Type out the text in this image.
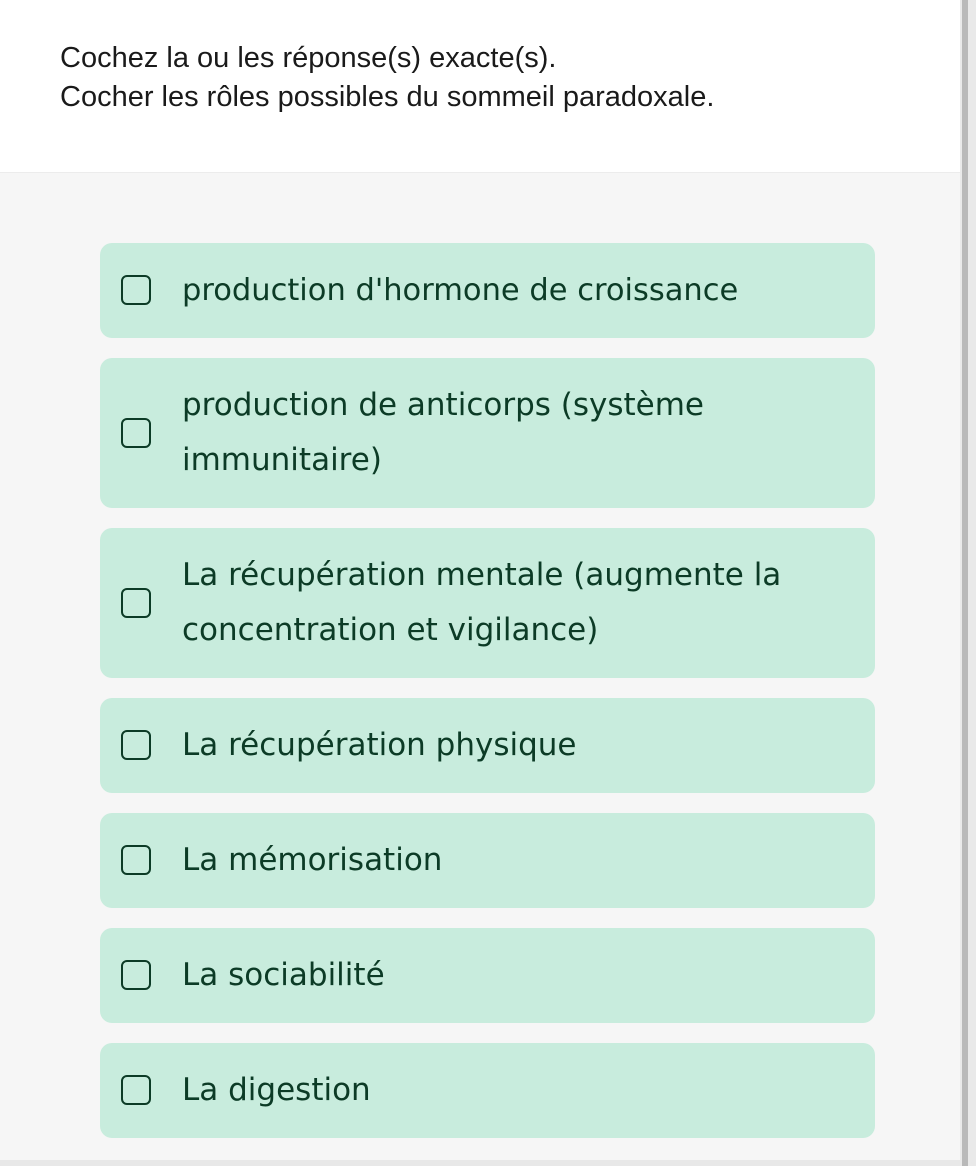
Cochez la ou les réponse(s) exacte(s).
Cocher les rôles possibles du sommeil paradoxale.
production d'hormone de croissance
production de anticorps (système immunitaire)
La récupération mentale (augmente la concentration et vigilance)
La récupération physique
La mémorisation
La sociabilité
La digestion
